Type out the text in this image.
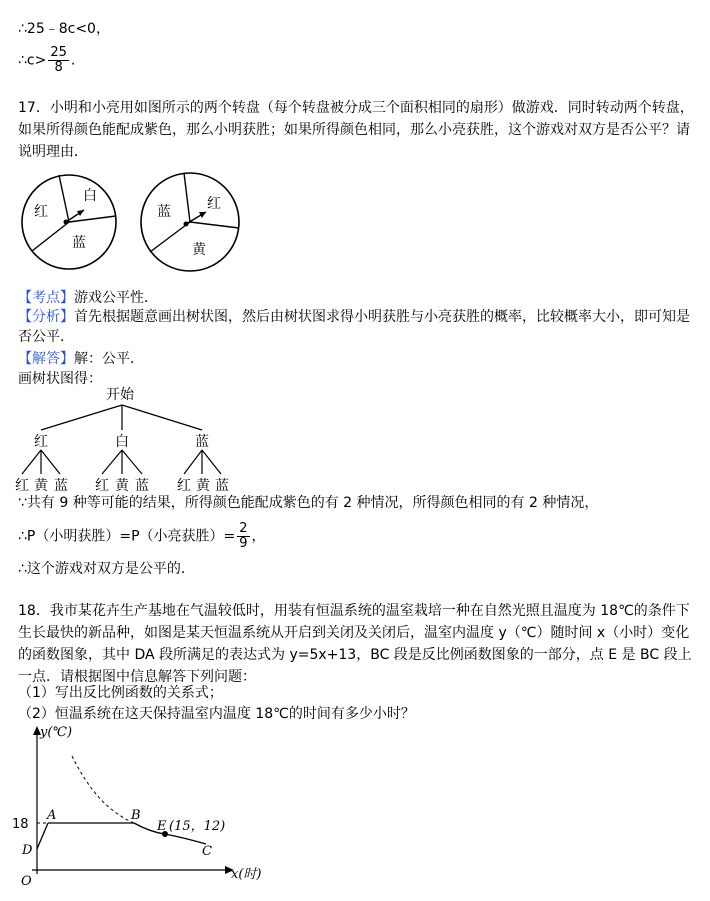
∴25﹣8c<0，
∴c> $\frac{25}{8}$ .
17．小明和小亮用如图所示的两个转盘（每个转盘被分成三个面积相同的扇形）做游戏．同时转动两个转盘，如果所得颜色能配成紫色，那么小明获胜；如果所得颜色相同，那么小亮获胜，这个游戏对双方是否公平？请说明理由．
红
白
蓝
蓝	红
黄
【考点】游戏公平性．
【分析】首先根据题意画出树状图，然后由树状图求得小明获胜与小亮获胜的概率，比较概率大小，即可知是否公平．
【解答】解：公平．
画树状图得：
开始
红	白	蓝
红 黄 蓝 红 黄 蓝 红 黄 蓝
∵共有 9 种等可能的结果，所得颜色能配成紫色的有 2 种情况，所得颜色相同的有 2 种情况，
∴P（小明获胜）=P（小亮获胜）= $\frac{2}{9}$ ，
∴这个游戏对双方是公平的．
18．我市某花卉生产基地在气温较低时，用装有恒温系统的温室栽培一种在自然光照且温度为 18℃的条件下生长最快的新品种，如图是某天恒温系统从开启到关闭及关闭后，温室内温度 y（℃）随时间 x（小时）变化的函数图象，其中 DA 段所满足的表达式为 y=5x+13，BC 段是反比例函数图象的一部分，点 E 是 BC 段上一点．请根据图中信息解答下列问题：
（1）写出反比例函数的关系式；
（2）恒温系统在这天保持温室内温度 18℃的时间有多少小时？
y(℃)
x(时)
O
18
A	B
E (15，12)
C
D
